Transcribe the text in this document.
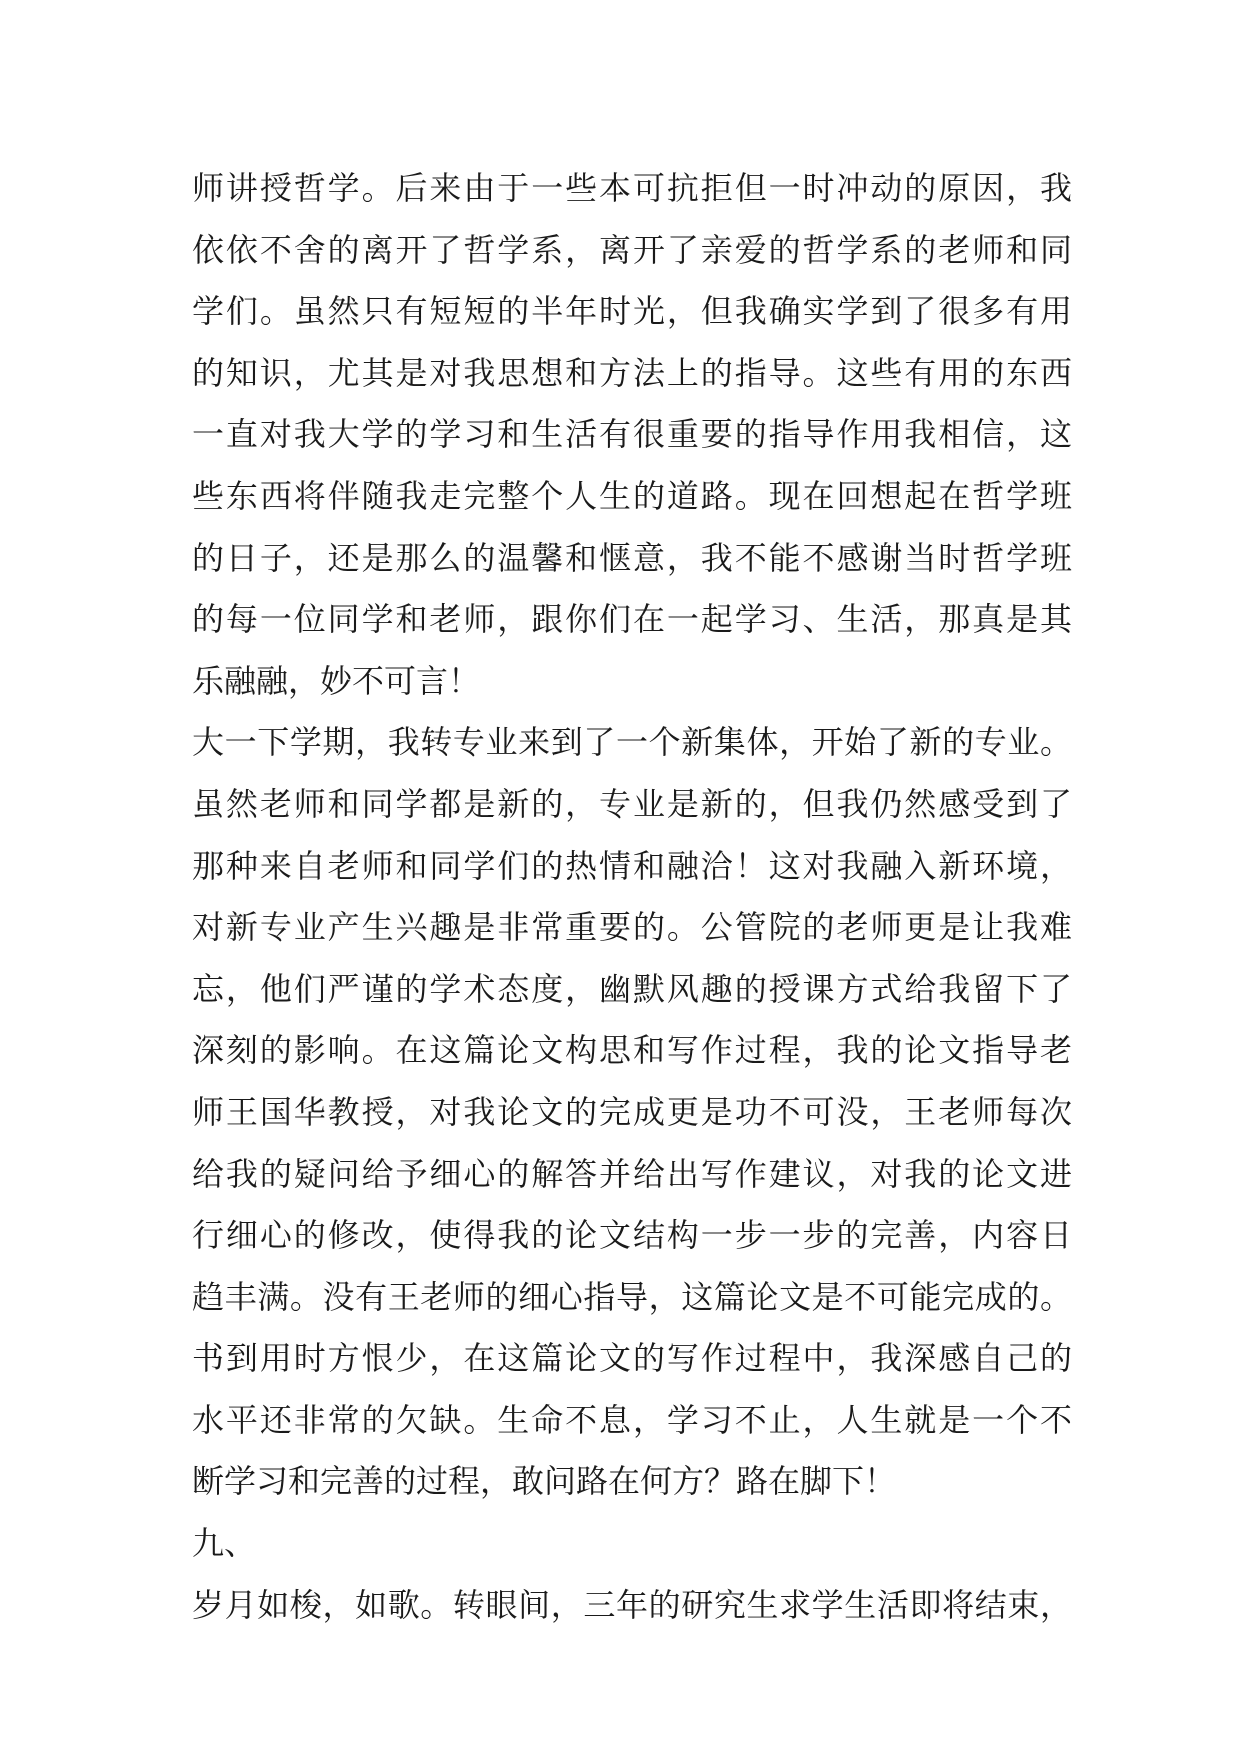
师讲授哲学。后来由于一些本可抗拒但一时冲动的原因，我
依依不舍的离开了哲学系，离开了亲爱的哲学系的老师和同
学们。虽然只有短短的半年时光，但我确实学到了很多有用
的知识，尤其是对我思想和方法上的指导。这些有用的东西
一直对我大学的学习和生活有很重要的指导作用我相信，这
些东西将伴随我走完整个人生的道路。现在回想起在哲学班
的日子，还是那么的温馨和惬意，我不能不感谢当时哲学班
的每一位同学和老师，跟你们在一起学习、生活，那真是其
乐融融，妙不可言！
大一下学期，我转专业来到了一个新集体，开始了新的专业。
虽然老师和同学都是新的，专业是新的，但我仍然感受到了
那种来自老师和同学们的热情和融洽！这对我融入新环境，
对新专业产生兴趣是非常重要的。公管院的老师更是让我难
忘，他们严谨的学术态度，幽默风趣的授课方式给我留下了
深刻的影响。在这篇论文构思和写作过程，我的论文指导老
师王国华教授，对我论文的完成更是功不可没，王老师每次
给我的疑问给予细心的解答并给出写作建议，对我的论文进
行细心的修改，使得我的论文结构一步一步的完善，内容日
趋丰满。没有王老师的细心指导，这篇论文是不可能完成的。
书到用时方恨少，在这篇论文的写作过程中，我深感自己的
水平还非常的欠缺。生命不息，学习不止，人生就是一个不
断学习和完善的过程，敢问路在何方？路在脚下！
九、
岁月如梭，如歌。转眼间，三年的研究生求学生活即将结束，
